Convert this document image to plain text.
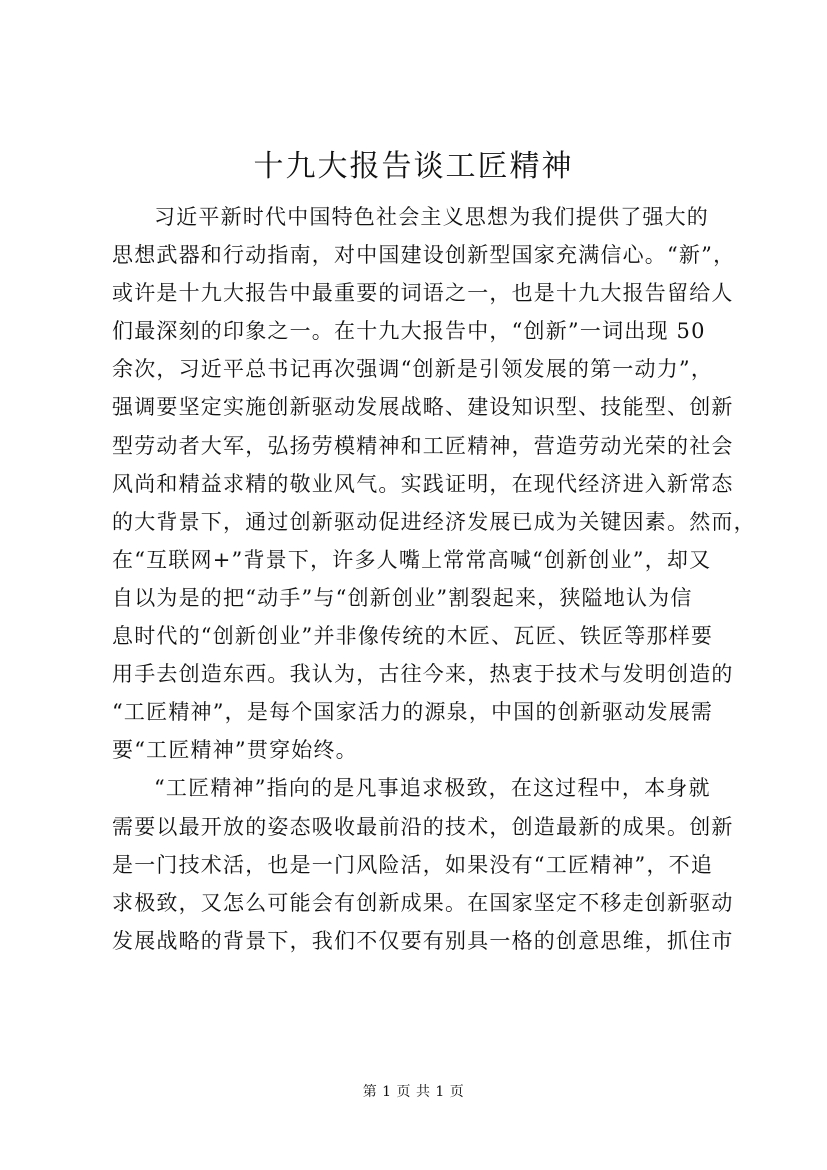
十九大报告谈工匠精神
习近平新时代中国特色社会主义思想为我们提供了强大的
思想武器和行动指南，对中国建设创新型国家充满信心。“新”，
或许是十九大报告中最重要的词语之一，也是十九大报告留给人
们最深刻的印象之一。在十九大报告中，“创新”一词出现 50
余次，习近平总书记再次强调“创新是引领发展的第一动力”，
强调要坚定实施创新驱动发展战略、建设知识型、技能型、创新
型劳动者大军，弘扬劳模精神和工匠精神，营造劳动光荣的社会
风尚和精益求精的敬业风气。实践证明，在现代经济进入新常态
的大背景下，通过创新驱动促进经济发展已成为关键因素。然而，
在“互联网+”背景下，许多人嘴上常常高喊“创新创业”，却又
自以为是的把“动手”与“创新创业”割裂起来，狭隘地认为信
息时代的“创新创业”并非像传统的木匠、瓦匠、铁匠等那样要
用手去创造东西。我认为，古往今来，热衷于技术与发明创造的
“工匠精神”，是每个国家活力的源泉，中国的创新驱动发展需
要“工匠精神”贯穿始终。
“工匠精神”指向的是凡事追求极致，在这过程中，本身就
需要以最开放的姿态吸收最前沿的技术，创造最新的成果。创新
是一门技术活，也是一门风险活，如果没有“工匠精神”，不追
求极致，又怎么可能会有创新成果。在国家坚定不移走创新驱动
发展战略的背景下，我们不仅要有别具一格的创意思维，抓住市
第 1 页 共 1 页
